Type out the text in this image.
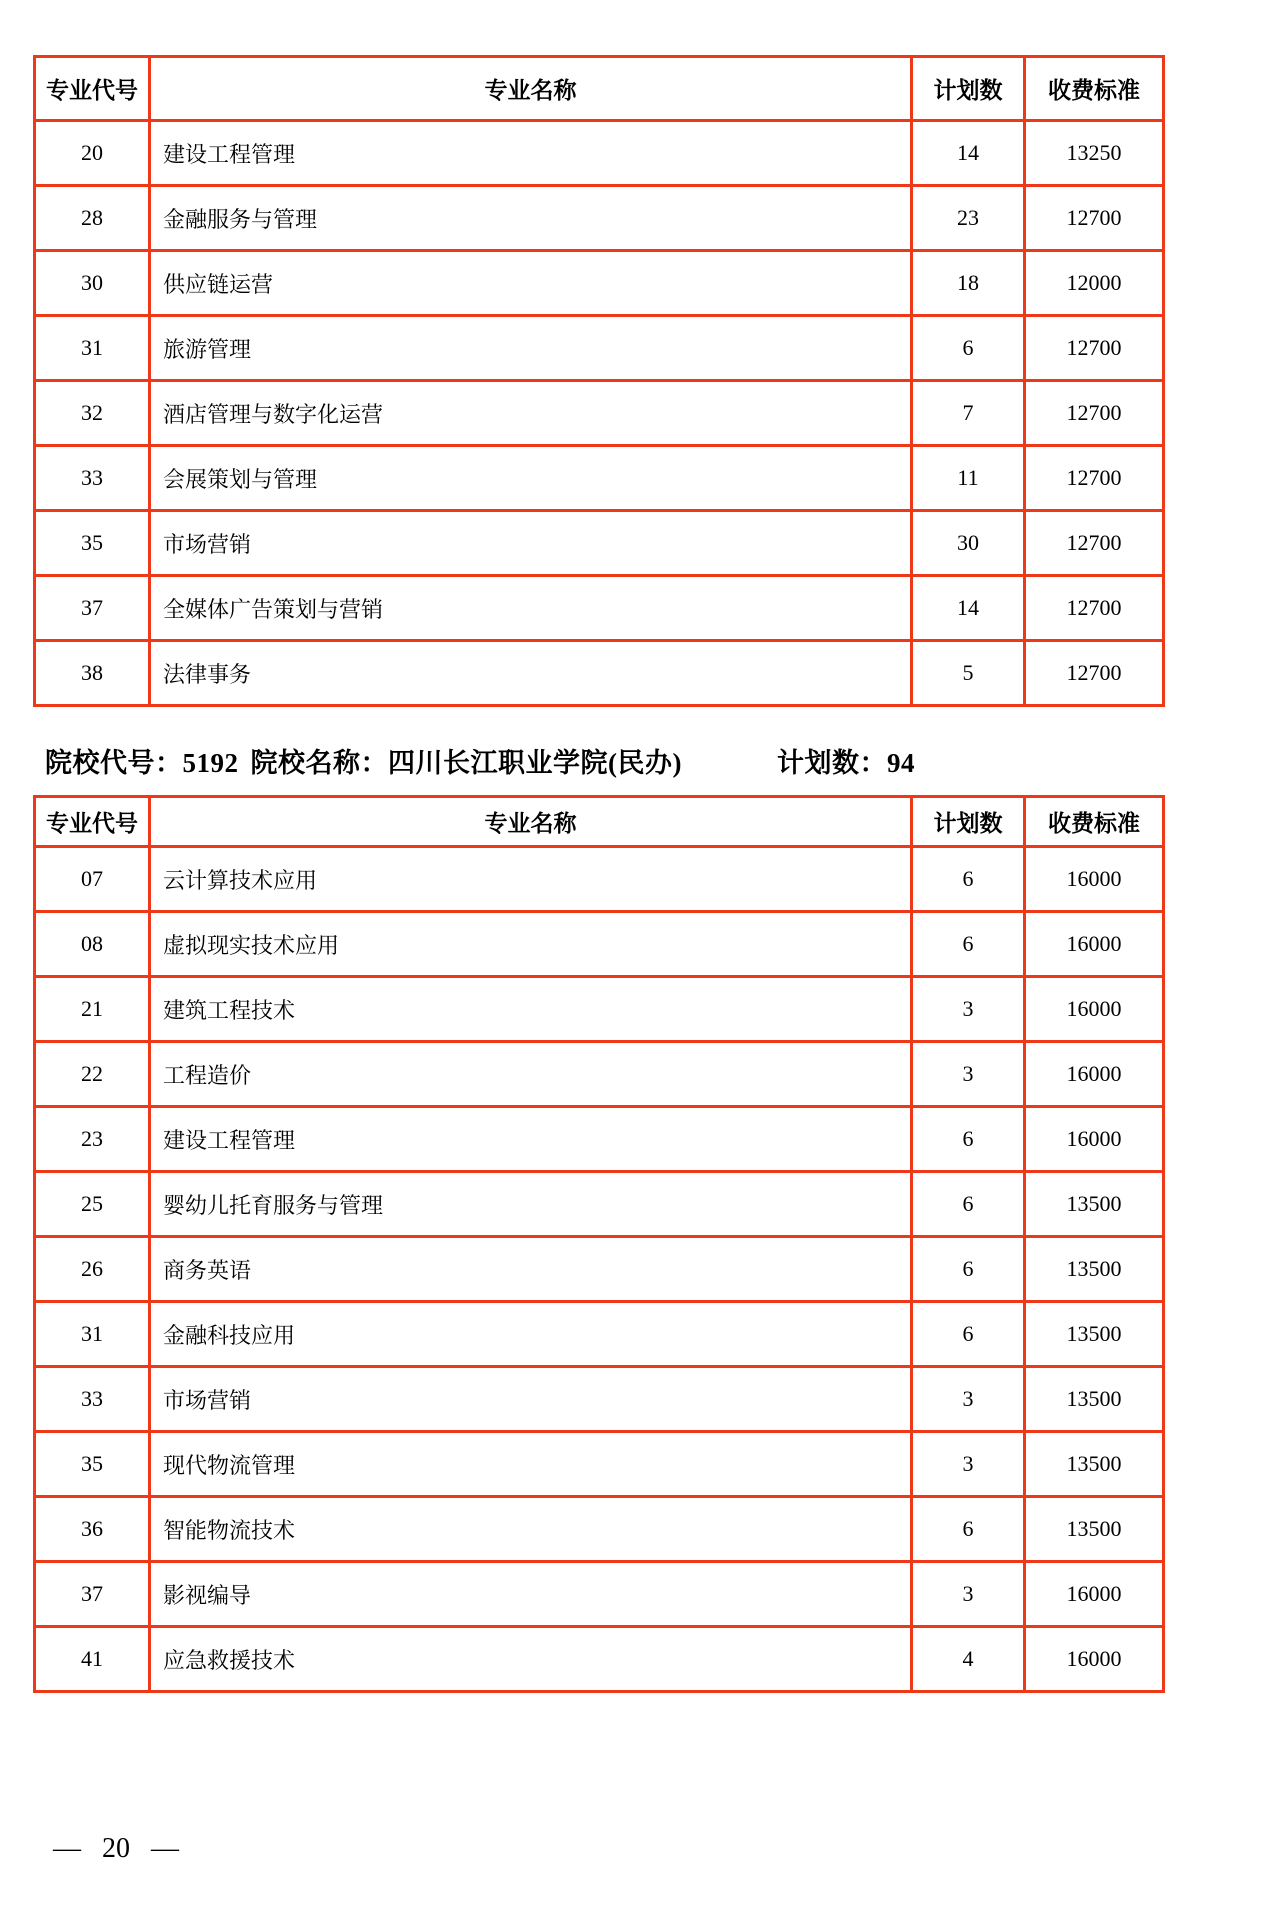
专业代号	专业名称	计划数	收费标准
20	建设工程管理	14	13250
28	金融服务与管理	23	12700
30	供应链运营	18	12000
31	旅游管理	6	12700
32	酒店管理与数字化运营	7	12700
33	会展策划与管理	11	12700
35	市场营销	30	12700
37	全媒体广告策划与营销	14	12700
38	法律事务	5	12700
院校代号：5192 院校名称：四川长江职业学院(民办)	计划数：94
专业代号	专业名称	计划数	收费标准
07	云计算技术应用	6	16000
08	虚拟现实技术应用	6	16000
21	建筑工程技术	3	16000
22	工程造价	3	16000
23	建设工程管理	6	16000
25	婴幼儿托育服务与管理	6	13500
26	商务英语	6	13500
31	金融科技应用	6	13500
33	市场营销	3	13500
35	现代物流管理	3	13500
36	智能物流技术	6	13500
37	影视编导	3	16000
41	应急救援技术	4	16000
— 20 —
